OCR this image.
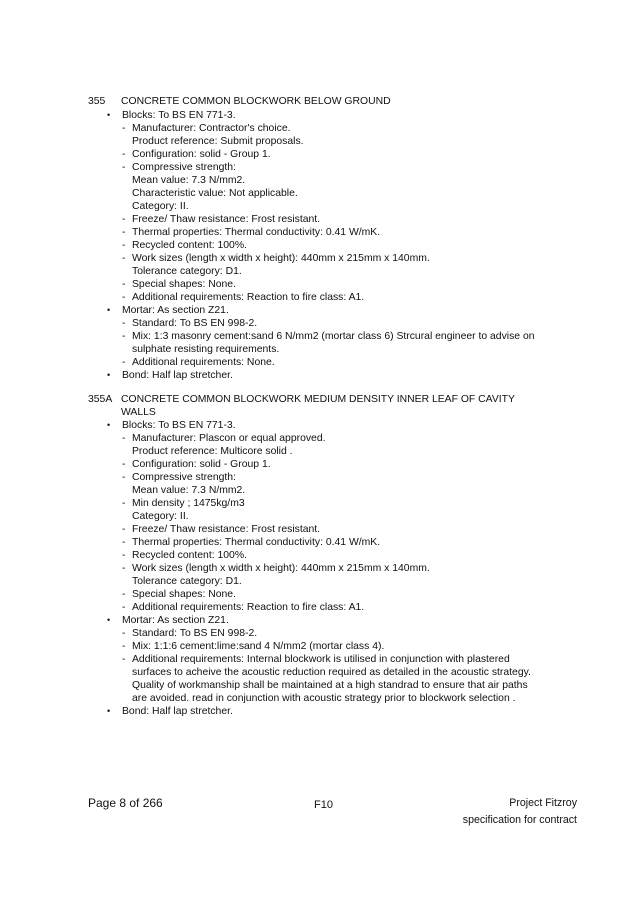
355 CONCRETE COMMON BLOCKWORK BELOW GROUND
• Blocks: To BS EN 771-3.
- Manufacturer: Contractor's choice.
Product reference: Submit proposals.
- Configuration: solid - Group 1.
- Compressive strength:
Mean value: 7.3 N/mm2.
Characteristic value: Not applicable.
Category: II.
- Freeze/ Thaw resistance: Frost resistant.
- Thermal properties: Thermal conductivity: 0.41 W/mK.
- Recycled content: 100%.
- Work sizes (length x width x height): 440mm x 215mm x 140mm.
Tolerance category: D1.
- Special shapes: None.
- Additional requirements: Reaction to fire class: A1.
• Mortar: As section Z21.
- Standard: To BS EN 998-2.
- Mix: 1:3 masonry cement:sand 6 N/mm2 (mortar class 6) Strcural engineer to advise on
sulphate resisting requirements.
- Additional requirements: None.
• Bond: Half lap stretcher.
355A CONCRETE COMMON BLOCKWORK MEDIUM DENSITY INNER LEAF OF CAVITY
WALLS
• Blocks: To BS EN 771-3.
- Manufacturer: Plascon or equal approved.
Product reference: Multicore solid .
- Configuration: solid - Group 1.
- Compressive strength:
Mean value: 7.3 N/mm2.
- Min density ; 1475kg/m3
Category: II.
- Freeze/ Thaw resistance: Frost resistant.
- Thermal properties: Thermal conductivity: 0.41 W/mK.
- Recycled content: 100%.
- Work sizes (length x width x height): 440mm x 215mm x 140mm.
Tolerance category: D1.
- Special shapes: None.
- Additional requirements: Reaction to fire class: A1.
• Mortar: As section Z21.
- Standard: To BS EN 998-2.
- Mix: 1:1:6 cement:lime:sand 4 N/mm2 (mortar class 4).
- Additional requirements: Internal blockwork is utilised in conjunction with plastered
surfaces to acheive the acoustic reduction required as detailed in the acoustic strategy.
Quality of workmanship shall be maintained at a high standrad to ensure that air paths
are avoided. read in conjunction with acoustic strategy prior to blockwork selection .
• Bond: Half lap stretcher.
Page 8 of 266	F10	Project Fitzroy
specification for contract
